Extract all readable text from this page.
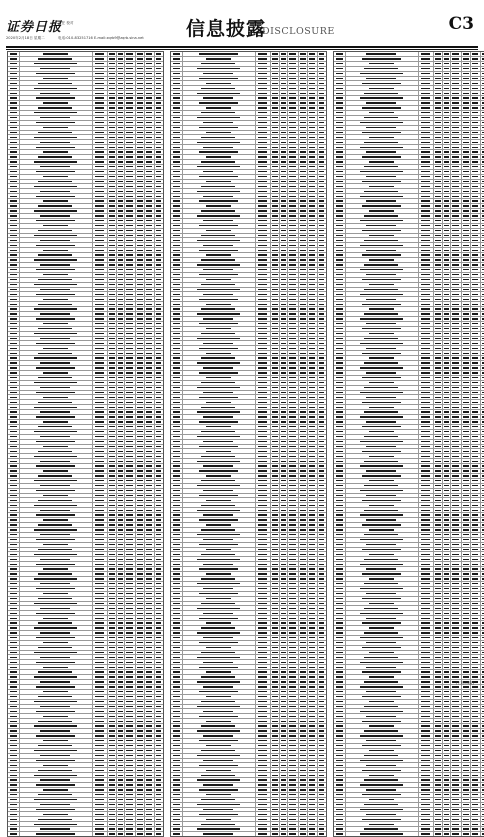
证券日报
责任 校对
2020年2月18日 星期二	电话:010-83251716 E-mail:zqrb9@zqrb.sina.net 信息披露
DISCLOSURE	C3
(下转C4版)
